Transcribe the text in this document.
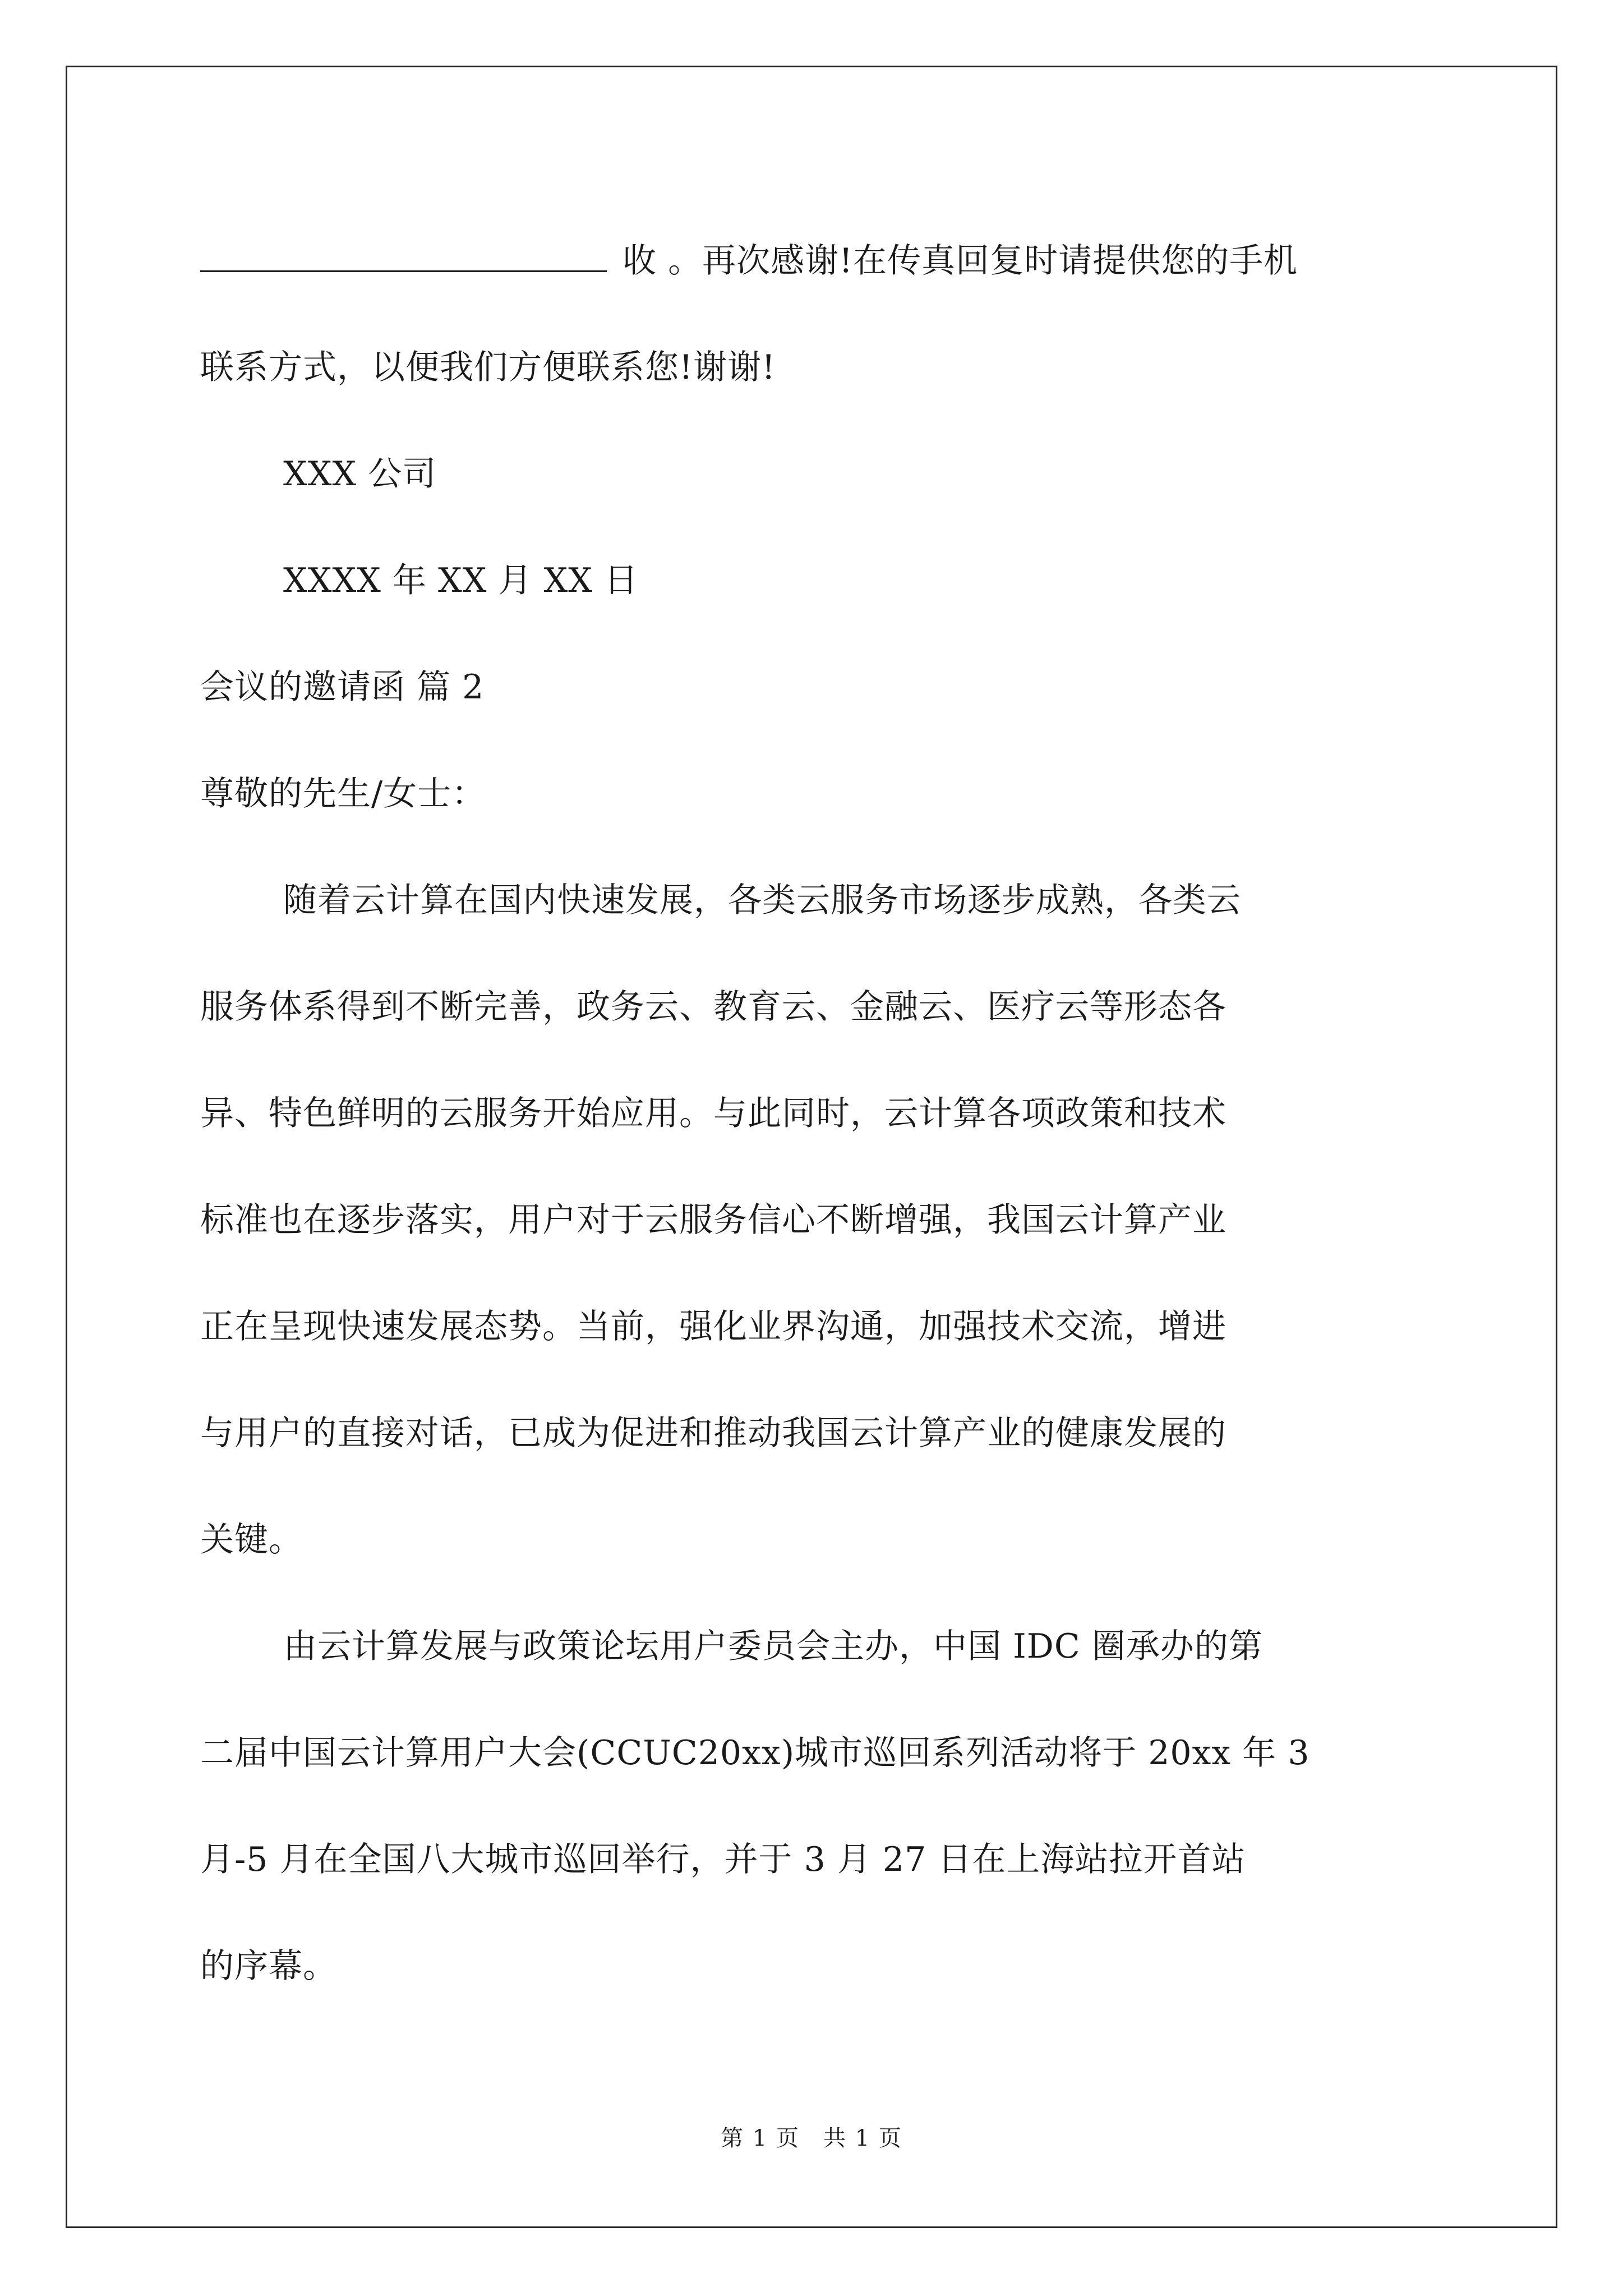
收 。再次感谢!在传真回复时请提供您的手机
联系方式，以便我们方便联系您!谢谢!
XXX 公司
XXXX 年 XX 月 XX 日
会议的邀请函 篇 2
尊敬的先生/女士：
随着云计算在国内快速发展，各类云服务市场逐步成熟，各类云
服务体系得到不断完善，政务云、教育云、金融云、医疗云等形态各
异、特色鲜明的云服务开始应用。与此同时，云计算各项政策和技术
标准也在逐步落实，用户对于云服务信心不断增强，我国云计算产业
正在呈现快速发展态势。当前，强化业界沟通，加强技术交流，增进
与用户的直接对话，已成为促进和推动我国云计算产业的健康发展的
关键。
由云计算发展与政策论坛用户委员会主办，中国 IDC 圈承办的第
二届中国云计算用户大会(CCUC20xx)城市巡回系列活动将于 20xx 年 3
月-5 月在全国八大城市巡回举行，并于 3 月 27 日在上海站拉开首站
的序幕。
第 1 页　共 1 页
